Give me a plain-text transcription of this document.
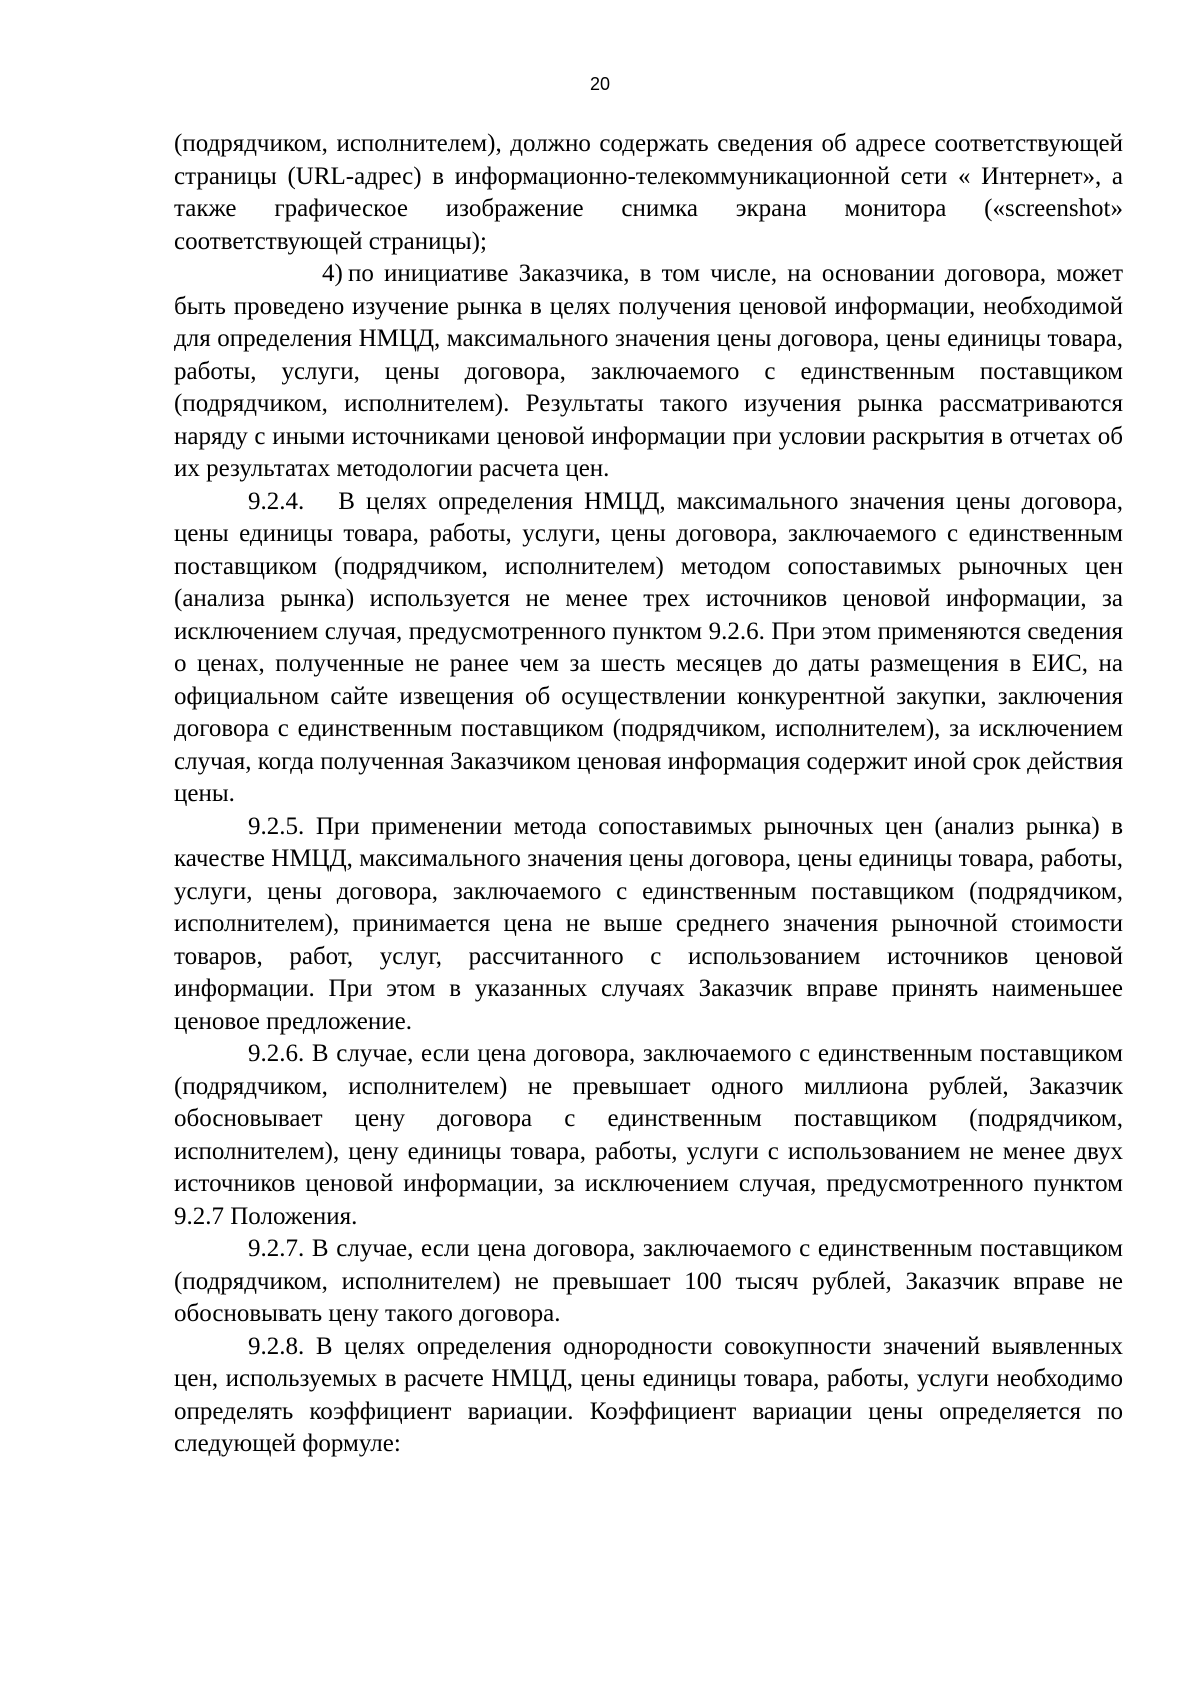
20

(подрядчиком, исполнителем), должно содержать сведения об адресе соответствующей страницы (URL-адрес) в информационно-телекоммуникационной сети « Интернет», а также графическое изображение снимка экрана монитора («screenshot» соответствующей страницы);

4) по инициативе Заказчика, в том числе, на основании договора, может быть проведено изучение рынка в целях получения ценовой информации, необходимой для определения НМЦД, максимального значения цены договора, цены единицы товара, работы, услуги, цены договора, заключаемого с единственным поставщиком (подрядчиком, исполнителем). Результаты такого изучения рынка рассматриваются наряду с иными источниками ценовой информации при условии раскрытия в отчетах об их результатах методологии расчета цен.

9.2.4. В целях определения НМЦД, максимального значения цены договора, цены единицы товара, работы, услуги, цены договора, заключаемого с единственным поставщиком (подрядчиком, исполнителем) методом сопоставимых рыночных цен (анализа рынка) используется не менее трех источников ценовой информации, за исключением случая, предусмотренного пунктом 9.2.6. При этом применяются сведения о ценах, полученные не ранее чем за шесть месяцев до даты размещения в ЕИС, на официальном сайте извещения об осуществлении конкурентной закупки, заключения договора с единственным поставщиком (подрядчиком, исполнителем), за исключением случая, когда полученная Заказчиком ценовая информация содержит иной срок действия цены.

9.2.5. При применении метода сопоставимых рыночных цен (анализ рынка) в качестве НМЦД, максимального значения цены договора, цены единицы товара, работы, услуги, цены договора, заключаемого с единственным поставщиком (подрядчиком, исполнителем), принимается цена не выше среднего значения рыночной стоимости товаров, работ, услуг, рассчитанного с использованием источников ценовой информации. При этом в указанных случаях Заказчик вправе принять наименьшее ценовое предложение.

9.2.6. В случае, если цена договора, заключаемого с единственным поставщиком (подрядчиком, исполнителем) не превышает одного миллиона рублей, Заказчик обосновывает цену договора с единственным поставщиком (подрядчиком, исполнителем), цену единицы товара, работы, услуги с использованием не менее двух источников ценовой информации, за исключением случая, предусмотренного пунктом 9.2.7 Положения.

9.2.7. В случае, если цена договора, заключаемого с единственным поставщиком (подрядчиком, исполнителем) не превышает 100 тысяч рублей, Заказчик вправе не обосновывать цену такого договора.

9.2.8. В целях определения однородности совокупности значений выявленных цен, используемых в расчете НМЦД, цены единицы товара, работы, услуги необходимо определять коэффициент вариации. Коэффициент вариации цены определяется по следующей формуле:
